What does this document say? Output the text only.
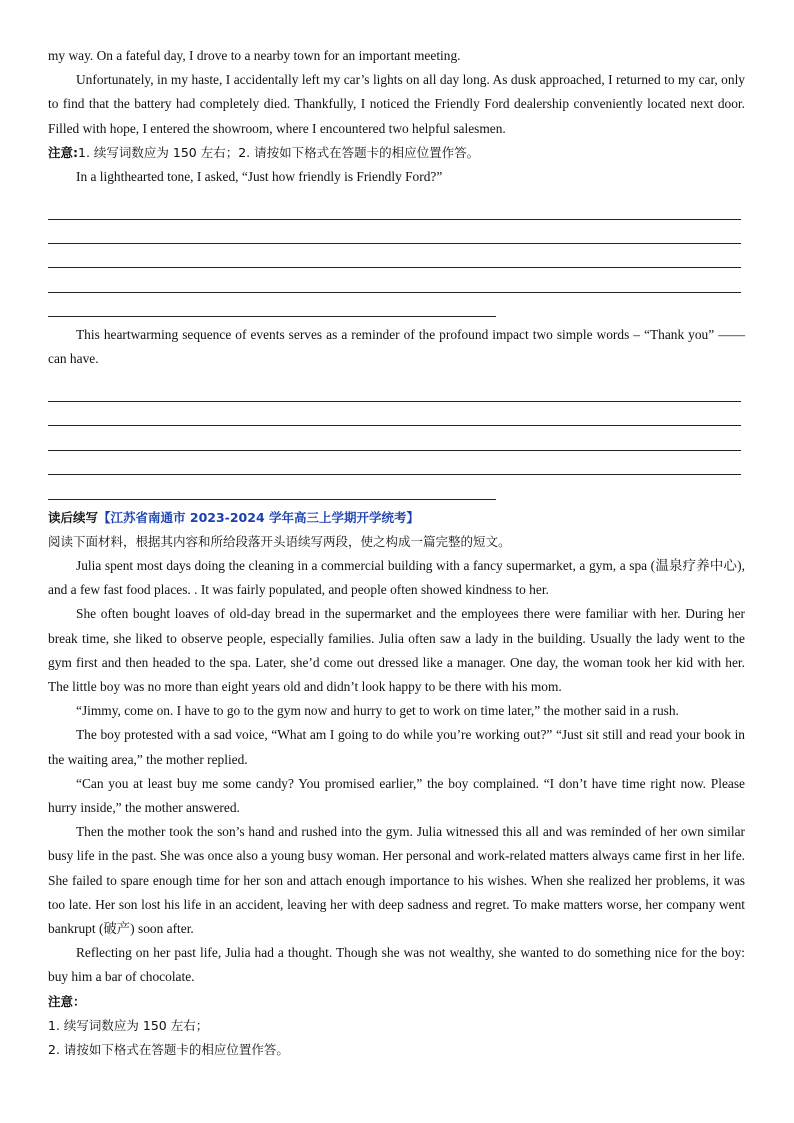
my way. On a fateful day, I drove to a nearby town for an important meeting.

Unfortunately, in my haste, I accidentally left my car’s lights on all day long. As dusk approached, I returned to my car, only to find that the battery had completely died. Thankfully, I noticed the Friendly Ford dealership conveniently located next door. Filled with hope, I entered the showroom, where I encountered two helpful salesmen.

注意:1. 续写词数应为 150 左右；2. 请按如下格式在答题卡的相应位置作答。

In a lighthearted tone, I asked, “Just how friendly is Friendly Ford?”

This heartwarming sequence of events serves as a reminder of the profound impact two simple words – “Thank you” ——can have.

读后续写【江苏省南通市 2023-2024 学年高三上学期开学统考】

阅读下面材料，根据其内容和所给段落开头语续写两段，使之构成一篇完整的短文。

Julia spent most days doing the cleaning in a commercial building with a fancy supermarket, a gym, a spa (温泉疗养中心), and a few fast food places. . It was fairly populated, and people often showed kindness to her.

She often bought loaves of old-day bread in the supermarket and the employees there were familiar with her. During her break time, she liked to observe people, especially families. Julia often saw a lady in the building. Usually the lady went to the gym first and then headed to the spa. Later, she’d come out dressed like a manager. One day, the woman took her kid with her. The little boy was no more than eight years old and didn’t look happy to be there with his mom.

“Jimmy, come on. I have to go to the gym now and hurry to get to work on time later,” the mother said in a rush.

The boy protested with a sad voice, “What am I going to do while you’re working out?” “Just sit still and read your book in the waiting area,” the mother replied.

“Can you at least buy me some candy? You promised earlier,” the boy complained. “I don’t have time right now. Please hurry inside,” the mother answered.

Then the mother took the son’s hand and rushed into the gym. Julia witnessed this all and was reminded of her own similar busy life in the past. She was once also a young busy woman. Her personal and work-related matters always came first in her life. She failed to spare enough time for her son and attach enough importance to his wishes. When she realized her problems, it was too late. Her son lost his life in an accident, leaving her with deep sadness and regret. To make matters worse, her company went bankrupt (破产) soon after.

Reflecting on her past life, Julia had a thought. Though she was not wealthy, she wanted to do something nice for the boy: buy him a bar of chocolate.

注意：

1. 续写词数应为 150 左右；

2. 请按如下格式在答题卡的相应位置作答。
